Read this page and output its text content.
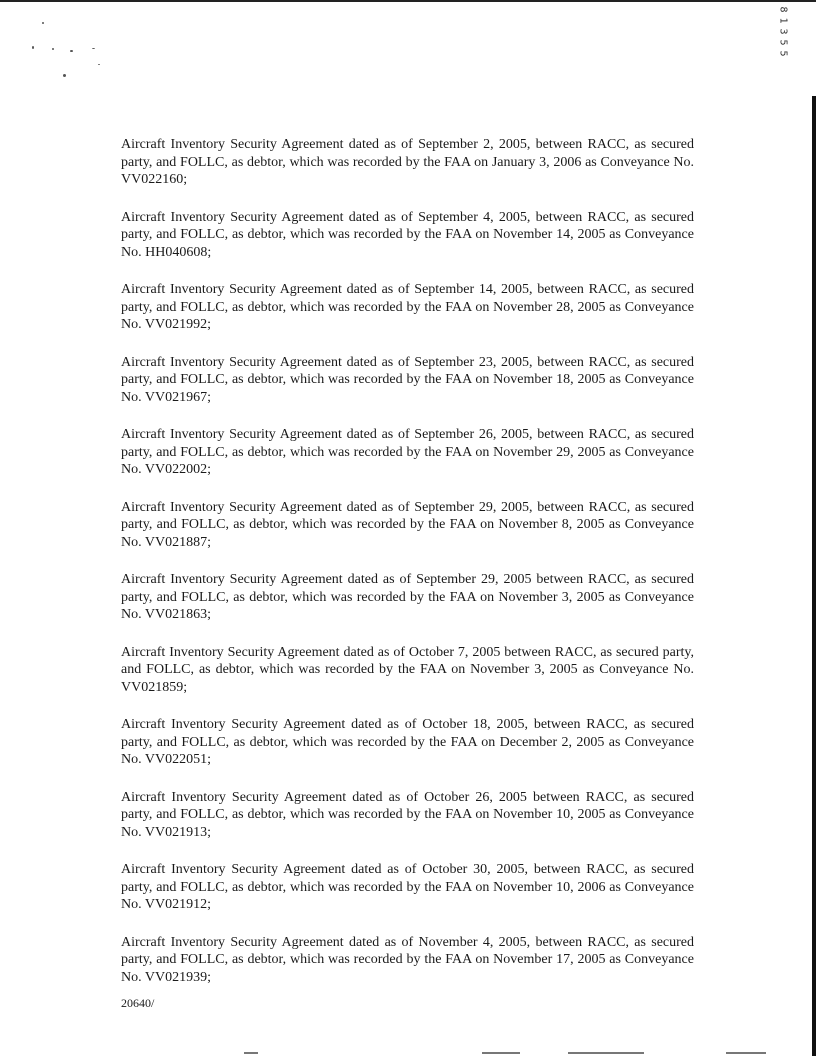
8
1
3
5
5

Aircraft Inventory Security Agreement dated as of September 2, 2005, between RACC, as secured party, and FOLLC, as debtor, which was recorded by the FAA on January 3, 2006 as Conveyance No. VV022160;

Aircraft Inventory Security Agreement dated as of September 4, 2005, between RACC, as secured party, and FOLLC, as debtor, which was recorded by the FAA on November 14, 2005 as Conveyance No. HH040608;

Aircraft Inventory Security Agreement dated as of September 14, 2005, between RACC, as secured party, and FOLLC, as debtor, which was recorded by the FAA on November 28, 2005 as Conveyance No. VV021992;

Aircraft Inventory Security Agreement dated as of September 23, 2005, between RACC, as secured party, and FOLLC, as debtor, which was recorded by the FAA on November 18, 2005 as Conveyance No. VV021967;

Aircraft Inventory Security Agreement dated as of September 26, 2005, between RACC, as secured party, and FOLLC, as debtor, which was recorded by the FAA on November 29, 2005 as Conveyance No. VV022002;

Aircraft Inventory Security Agreement dated as of September 29, 2005, between RACC, as secured party, and FOLLC, as debtor, which was recorded by the FAA on November 8, 2005 as Conveyance No. VV021887;

Aircraft Inventory Security Agreement dated as of September 29, 2005 between RACC, as secured party, and FOLLC, as debtor, which was recorded by the FAA on November 3, 2005 as Conveyance No. VV021863;

Aircraft Inventory Security Agreement dated as of October 7, 2005 between RACC, as secured party, and FOLLC, as debtor, which was recorded by the FAA on November 3, 2005 as Conveyance No. VV021859;

Aircraft Inventory Security Agreement dated as of October 18, 2005, between RACC, as secured party, and FOLLC, as debtor, which was recorded by the FAA on December 2, 2005 as Conveyance No. VV022051;

Aircraft Inventory Security Agreement dated as of October 26, 2005 between RACC, as secured party, and FOLLC, as debtor, which was recorded by the FAA on November 10, 2005 as Conveyance No. VV021913;

Aircraft Inventory Security Agreement dated as of October 30, 2005, between RACC, as secured party, and FOLLC, as debtor, which was recorded by the FAA on November 10, 2006 as Conveyance No. VV021912;

Aircraft Inventory Security Agreement dated as of November 4, 2005, between RACC, as secured party, and FOLLC, as debtor, which was recorded by the FAA on November 17, 2005 as Conveyance No. VV021939;

20640/
